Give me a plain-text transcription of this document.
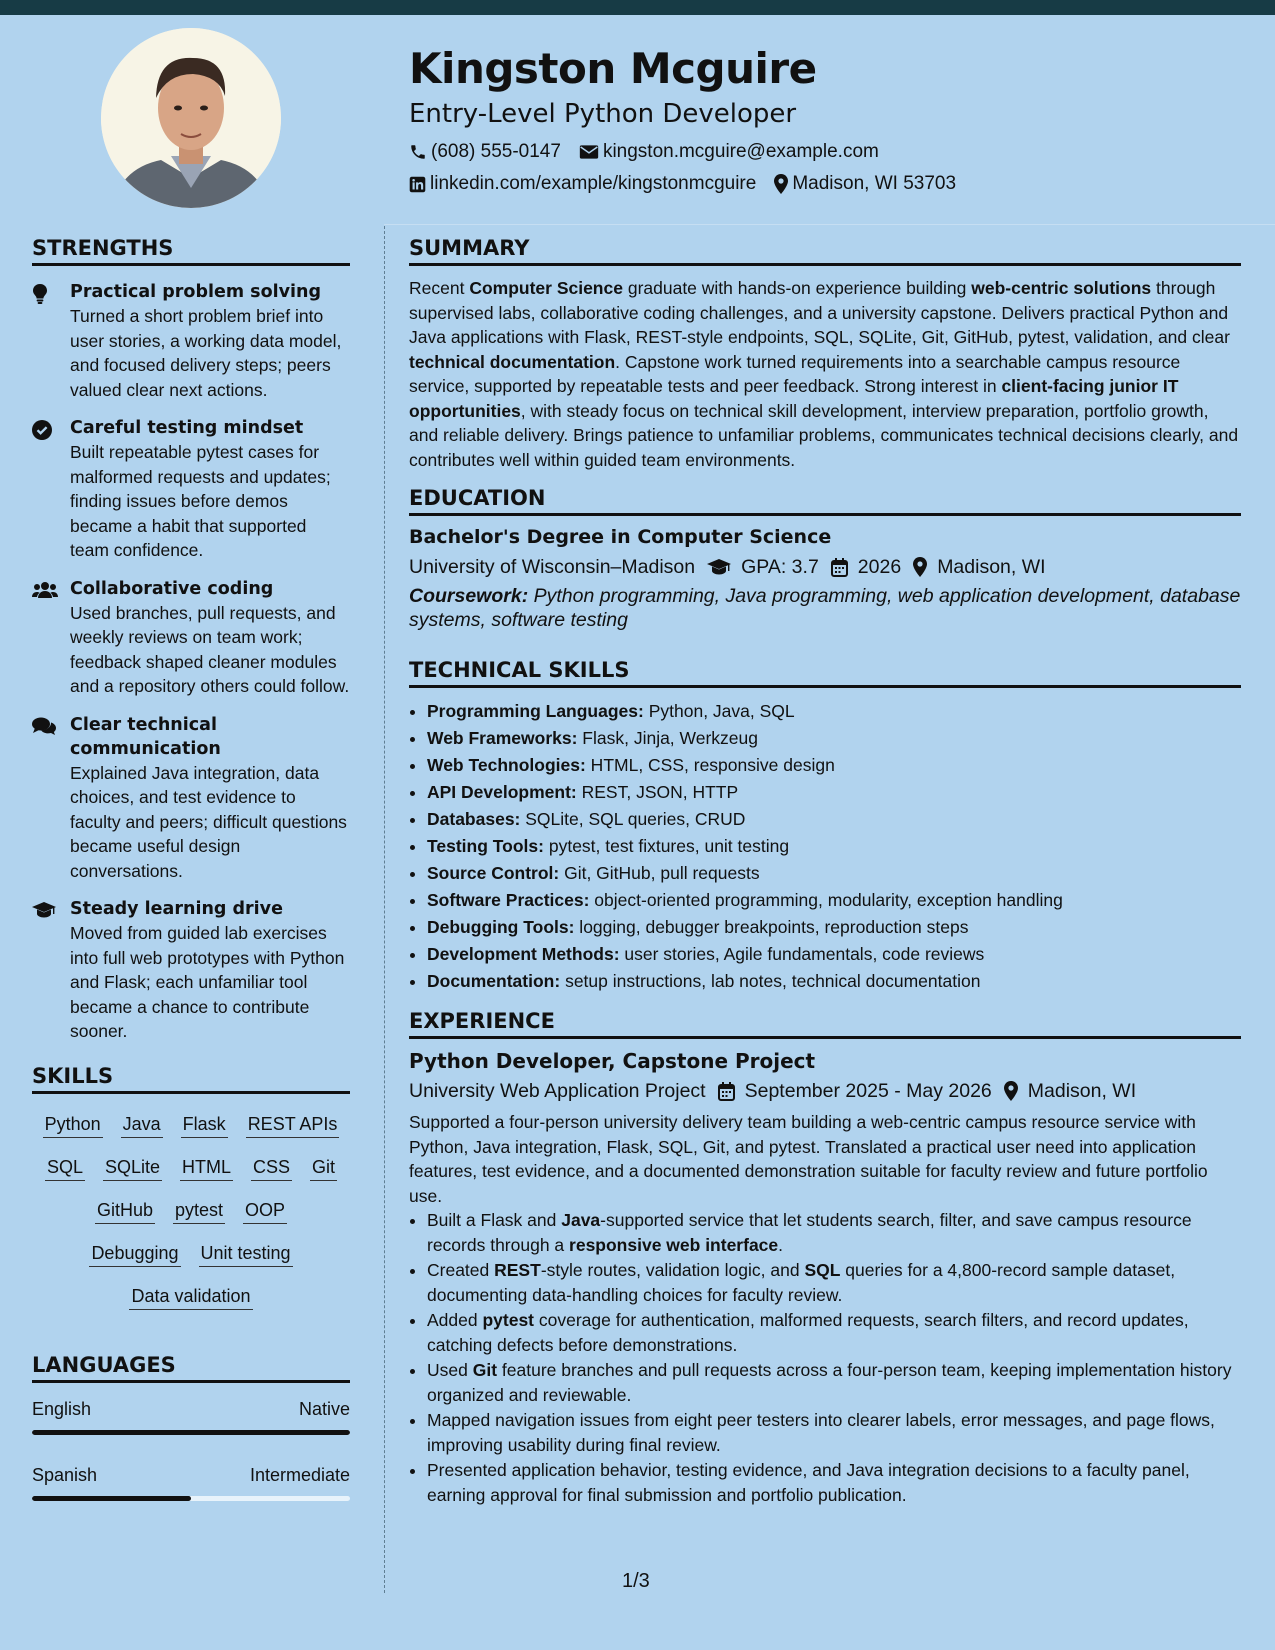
Kingston Mcguire
Entry-Level Python Developer
(608) 555-0147 kingston.mcguire@example.com
linkedin.com/example/kingstonmcguire Madison, WI 53703
STRENGTHS
Practical problem solving
Turned a short problem brief into user stories, a working data model, and focused delivery steps; peers valued clear next actions.
Careful testing mindset
Built repeatable pytest cases for malformed requests and updates; finding issues before demos became a habit that supported team confidence.
Collaborative coding
Used branches, pull requests, and weekly reviews on team work; feedback shaped cleaner modules and a repository others could follow.
Clear technical communication
Explained Java integration, data choices, and test evidence to faculty and peers; difficult questions became useful design conversations.
Steady learning drive
Moved from guided lab exercises into full web prototypes with Python and Flask; each unfamiliar tool became a chance to contribute sooner.
SKILLS
Python Java Flask REST APIs
SQL SQLite HTML CSS Git
GitHub pytest OOP
Debugging Unit testing
Data validation
LANGUAGES
English	Native
Spanish	Intermediate
SUMMARY

Recent Computer Science graduate with hands-on experience building web-centric solutions through supervised labs, collaborative coding challenges, and a university capstone. Delivers practical Python and Java applications with Flask, REST-style endpoints, SQL, SQLite, Git, GitHub, pytest, validation, and clear technical documentation. Capstone work turned requirements into a searchable campus resource service, supported by repeatable tests and peer feedback. Strong interest in client-facing junior IT opportunities, with steady focus on technical skill development, interview preparation, portfolio growth, and reliable delivery. Brings patience to unfamiliar problems, communicates technical decisions clearly, and contributes well within guided team environments.

EDUCATION
Bachelor's Degree in Computer Science
University of Wisconsin–Madison GPA: 3.7 2026 Madison, WI
Coursework: Python programming, Java programming, web application development, database systems, software testing
TECHNICAL SKILLS
• Programming Languages: Python, Java, SQL
• Web Frameworks: Flask, Jinja, Werkzeug
• Web Technologies: HTML, CSS, responsive design
• API Development: REST, JSON, HTTP
• Databases: SQLite, SQL queries, CRUD
• Testing Tools: pytest, test fixtures, unit testing
• Source Control: Git, GitHub, pull requests
• Software Practices: object-oriented programming, modularity, exception handling
• Debugging Tools: logging, debugger breakpoints, reproduction steps
• Development Methods: user stories, Agile fundamentals, code reviews
• Documentation: setup instructions, lab notes, technical documentation
EXPERIENCE
Python Developer, Capstone Project
University Web Application Project September 2025 - May 2026 Madison, WI
Supported a four-person university delivery team building a web-centric campus resource service with Python, Java integration, Flask, SQL, Git, and pytest. Translated a practical user need into application features, test evidence, and a documented demonstration suitable for faculty review and future portfolio use.
• Built a Flask and Java-supported service that let students search, filter, and save campus resource records through a responsive web interface.
• Created REST-style routes, validation logic, and SQL queries for a 4,800-record sample dataset, documenting data-handling choices for faculty review.
• Added pytest coverage for authentication, malformed requests, search filters, and record updates, catching defects before demonstrations.
• Used Git feature branches and pull requests across a four-person team, keeping implementation history organized and reviewable.
• Mapped navigation issues from eight peer testers into clearer labels, error messages, and page flows, improving usability during final review.
• Presented application behavior, testing evidence, and Java integration decisions to a faculty panel, earning approval for final submission and portfolio publication.
1/3
